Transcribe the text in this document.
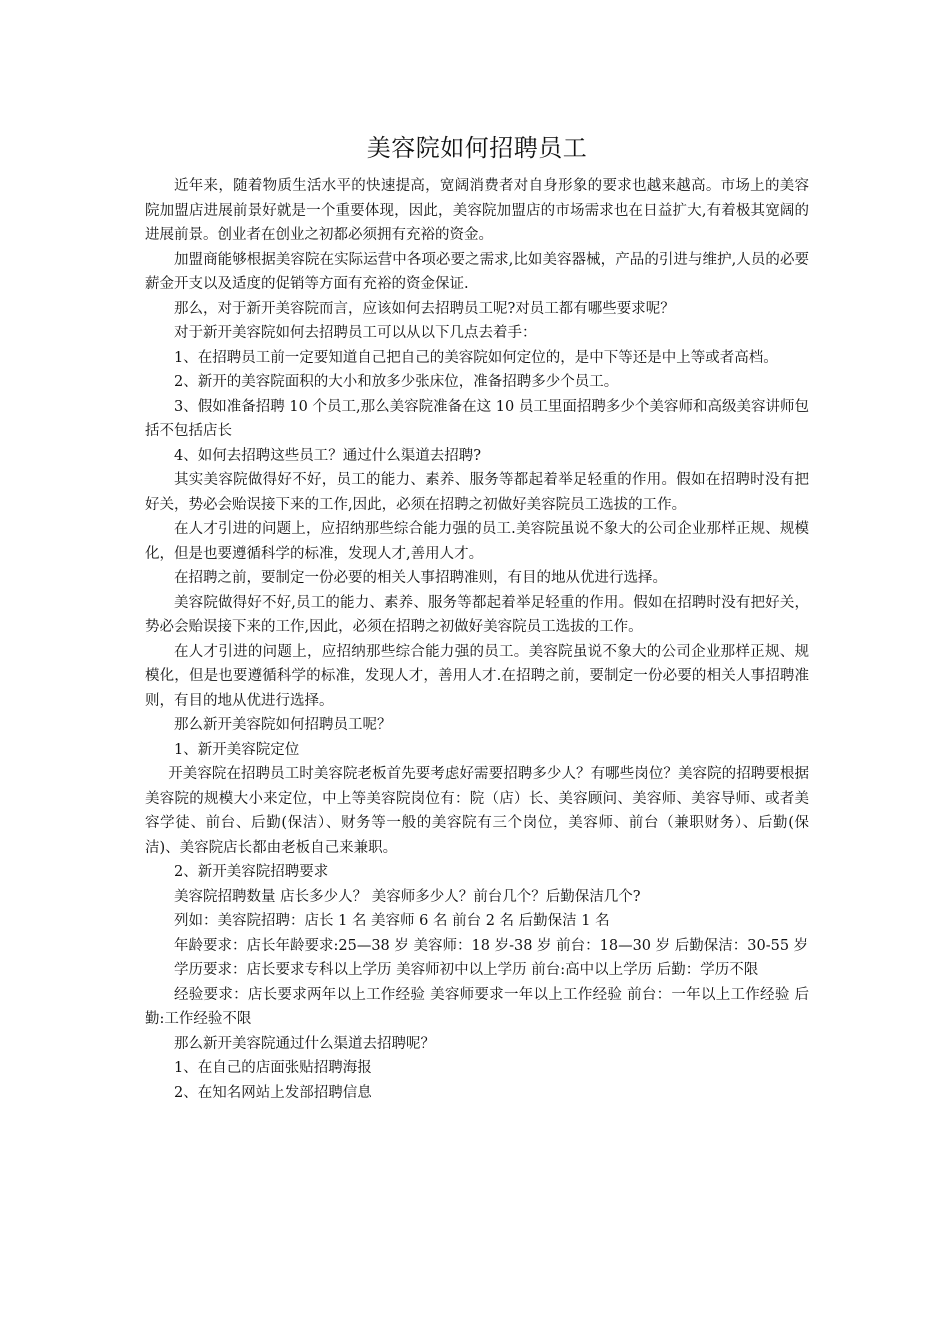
美容院如何招聘员工

近年来，随着物质生活水平的快速提高，宽阔消费者对自身形象的要求也越来越高。市场上的美容院加盟店进展前景好就是一个重要体现，因此，美容院加盟店的市场需求也在日益扩大,有着极其宽阔的进展前景。创业者在创业之初都必须拥有充裕的资金。

加盟商能够根据美容院在实际运营中各项必要之需求,比如美容器械，产品的引进与维护,人员的必要薪金开支以及适度的促销等方面有充裕的资金保证.

那么，对于新开美容院而言，应该如何去招聘员工呢?对员工都有哪些要求呢？

对于新开美容院如何去招聘员工可以从以下几点去着手：

1、在招聘员工前一定要知道自己把自己的美容院如何定位的，是中下等还是中上等或者高档。

2、新开的美容院面积的大小和放多少张床位，准备招聘多少个员工。

3、假如准备招聘 10 个员工,那么美容院准备在这 10 员工里面招聘多少个美容师和高级美容讲师包括不包括店长

4、如何去招聘这些员工？通过什么渠道去招聘?

其实美容院做得好不好，员工的能力、素养、服务等都起着举足轻重的作用。假如在招聘时没有把好关，势必会贻误接下来的工作,因此，必须在招聘之初做好美容院员工选拔的工作。

在人才引进的问题上，应招纳那些综合能力强的员工.美容院虽说不象大的公司企业那样正规、规模化，但是也要遵循科学的标准，发现人才,善用人才。

在招聘之前，要制定一份必要的相关人事招聘准则，有目的地从优进行选择。

美容院做得好不好,员工的能力、素养、服务等都起着举足轻重的作用。假如在招聘时没有把好关，势必会贻误接下来的工作,因此，必须在招聘之初做好美容院员工选拔的工作。

在人才引进的问题上，应招纳那些综合能力强的员工。美容院虽说不象大的公司企业那样正规、规模化，但是也要遵循科学的标准，发现人才，善用人才.在招聘之前，要制定一份必要的相关人事招聘准则，有目的地从优进行选择。

那么新开美容院如何招聘员工呢？

1、新开美容院定位

开美容院在招聘员工时美容院老板首先要考虑好需要招聘多少人？有哪些岗位？美容院的招聘要根据美容院的规模大小来定位，中上等美容院岗位有：院（店）长、美容顾问、美容师、美容导师、或者美容学徒、前台、后勤(保洁）、财务等一般的美容院有三个岗位，美容师、前台（兼职财务）、后勤(保洁)、美容院店长都由老板自己来兼职。

2、新开美容院招聘要求

美容院招聘数量 店长多少人？ 美容师多少人？前台几个？后勤保洁几个?

列如：美容院招聘：店长 1 名 美容师 6 名 前台 2 名 后勤保洁 1 名

年龄要求：店长年龄要求:25—38 岁 美容师：18 岁-38 岁 前台：18—30 岁 后勤保洁：30-55 岁

学历要求：店长要求专科以上学历 美容师初中以上学历 前台:高中以上学历 后勤：学历不限

经验要求：店长要求两年以上工作经验 美容师要求一年以上工作经验 前台：一年以上工作经验 后勤:工作经验不限

那么新开美容院通过什么渠道去招聘呢？

1、在自己的店面张贴招聘海报

2、在知名网站上发部招聘信息
